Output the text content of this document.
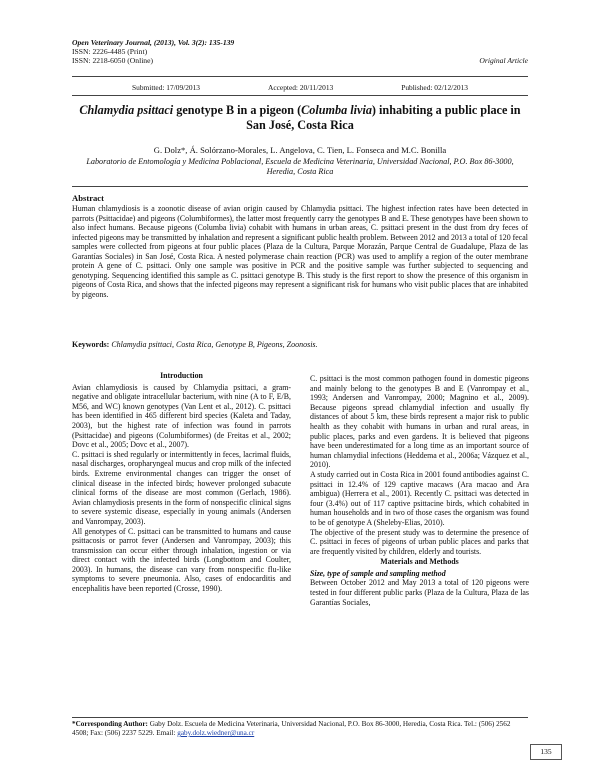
Open Veterinary Journal, (2013), Vol. 3(2): 135-139
ISSN: 2226-4485 (Print)
ISSN: 2218-6050 (Online)	Original Article
Submitted: 17/09/2013	Accepted: 20/11/2013	Published: 02/12/2013
Chlamydia psittaci genotype B in a pigeon (Columba livia) inhabiting a public place in San José, Costa Rica
G. Dolz*, Á. Solórzano-Morales, L. Angelova, C. Tien, L. Fonseca and M.C. Bonilla
Laboratorio de Entomología y Medicina Poblacional, Escuela de Medicina Veterinaria, Universidad Nacional, P.O. Box 86-3000, Heredia, Costa Rica
Abstract
Human chlamydiosis is a zoonotic disease of avian origin caused by Chlamydia psittaci. The highest infection rates have been detected in parrots (Psittacidae) and pigeons (Columbiformes), the latter most frequently carry the genotypes B and E. These genotypes have been shown to also infect humans. Because pigeons (Columba livia) cohabit with humans in urban areas, C. psittaci present in the dust from dry feces of infected pigeons may be transmitted by inhalation and represent a significant public health problem. Between 2012 and 2013 a total of 120 fecal samples were collected from pigeons at four public places (Plaza de la Cultura, Parque Morazán, Parque Central de Guadalupe, Plaza de las Garantías Sociales) in San José, Costa Rica. A nested polymerase chain reaction (PCR) was used to amplify a region of the outer membrane protein A gene of C. psittaci. Only one sample was positive in PCR and the positive sample was further subjected to sequencing and genotyping. Sequencing identified this sample as C. psittaci genotype B. This study is the first report to show the presence of this organism in pigeons of Costa Rica, and shows that the infected pigeons may represent a significant risk for humans who visit public places that are inhabited by pigeons.
Keywords: Chlamydia psittaci, Costa Rica, Genotype B, Pigeons, Zoonosis.
Introduction

Avian chlamydiosis is caused by Chlamydia psittaci, a gram-negative and obligate intracellular bacterium, with nine (A to F, E/B, M56, and WC) known genotypes (Van Lent et al., 2012). C. psittaci has been identified in 465 different bird species (Kaleta and Taday, 2003), but the highest rate of infection was found in parrots (Psittacidae) and pigeons (Columbiformes) (de Freitas et al., 2002; Dovc et al., 2005; Dovc et al., 2007).

C. psittaci is shed regularly or intermittently in feces, lacrimal fluids, nasal discharges, oropharyngeal mucus and crop milk of the infected birds. Extreme environmental changes can trigger the onset of clinical disease in the infected birds; however prolonged subacute clinical forms of the disease are most common (Gerlach, 1986). Avian chlamydiosis presents in the form of nonspecific clinical signs to severe systemic disease, especially in young animals (Andersen and Vanrompay, 2003).

All genotypes of C. psittaci can be transmitted to humans and cause psittacosis or parrot fever (Andersen and Vanrompay, 2003); this transmission can occur either through inhalation, ingestion or via direct contact with the infected birds (Longbottom and Coulter, 2003). In humans, the disease can vary from nonspecific flu-like symptoms to severe pneumonia. Also, cases of endocarditis and encephalitis have been reported (Crosse, 1990).

C. psittaci is the most common pathogen found in domestic pigeons and mainly belong to the genotypes B and E (Vanrompay et al., 1993; Andersen and Vanrompay, 2000; Magnino et al., 2009). Because pigeons spread chlamydial infection and usually fly distances of about 5 km, these birds represent a major risk to public health as they cohabit with humans in urban and rural areas, in public places, parks and even gardens. It is believed that pigeons have been underestimated for a long time as an important source of human chlamydial infections (Heddema et al., 2006a; Vázquez et al., 2010).

A study carried out in Costa Rica in 2001 found antibodies against C. psittaci in 12.4% of 129 captive macaws (Ara macao and Ara ambigua) (Herrera et al., 2001). Recently C. psittaci was detected in four (3.4%) out of 117 captive psittacine birds, which cohabited in human households and in two of those cases the organism was found to be of genotype A (Sheleby-Elias, 2010).

The objective of the present study was to determine the presence of C. psittaci in feces of pigeons of urban public places and parks that are frequently visited by children, elderly and tourists.

Materials and Methods
Size, type of sample and sampling method

Between October 2012 and May 2013 a total of 120 pigeons were tested in four different public parks (Plaza de la Cultura, Plaza de las Garantías Sociales,

*Corresponding Author: Gaby Dolz. Escuela de Medicina Veterinaria, Universidad Nacional, P.O. Box 86-3000, Heredia, Costa Rica. Tel.: (506) 2562 4508; Fax: (506) 2237 5229. Email: gaby.dolz.wiedner@una.cr
135
